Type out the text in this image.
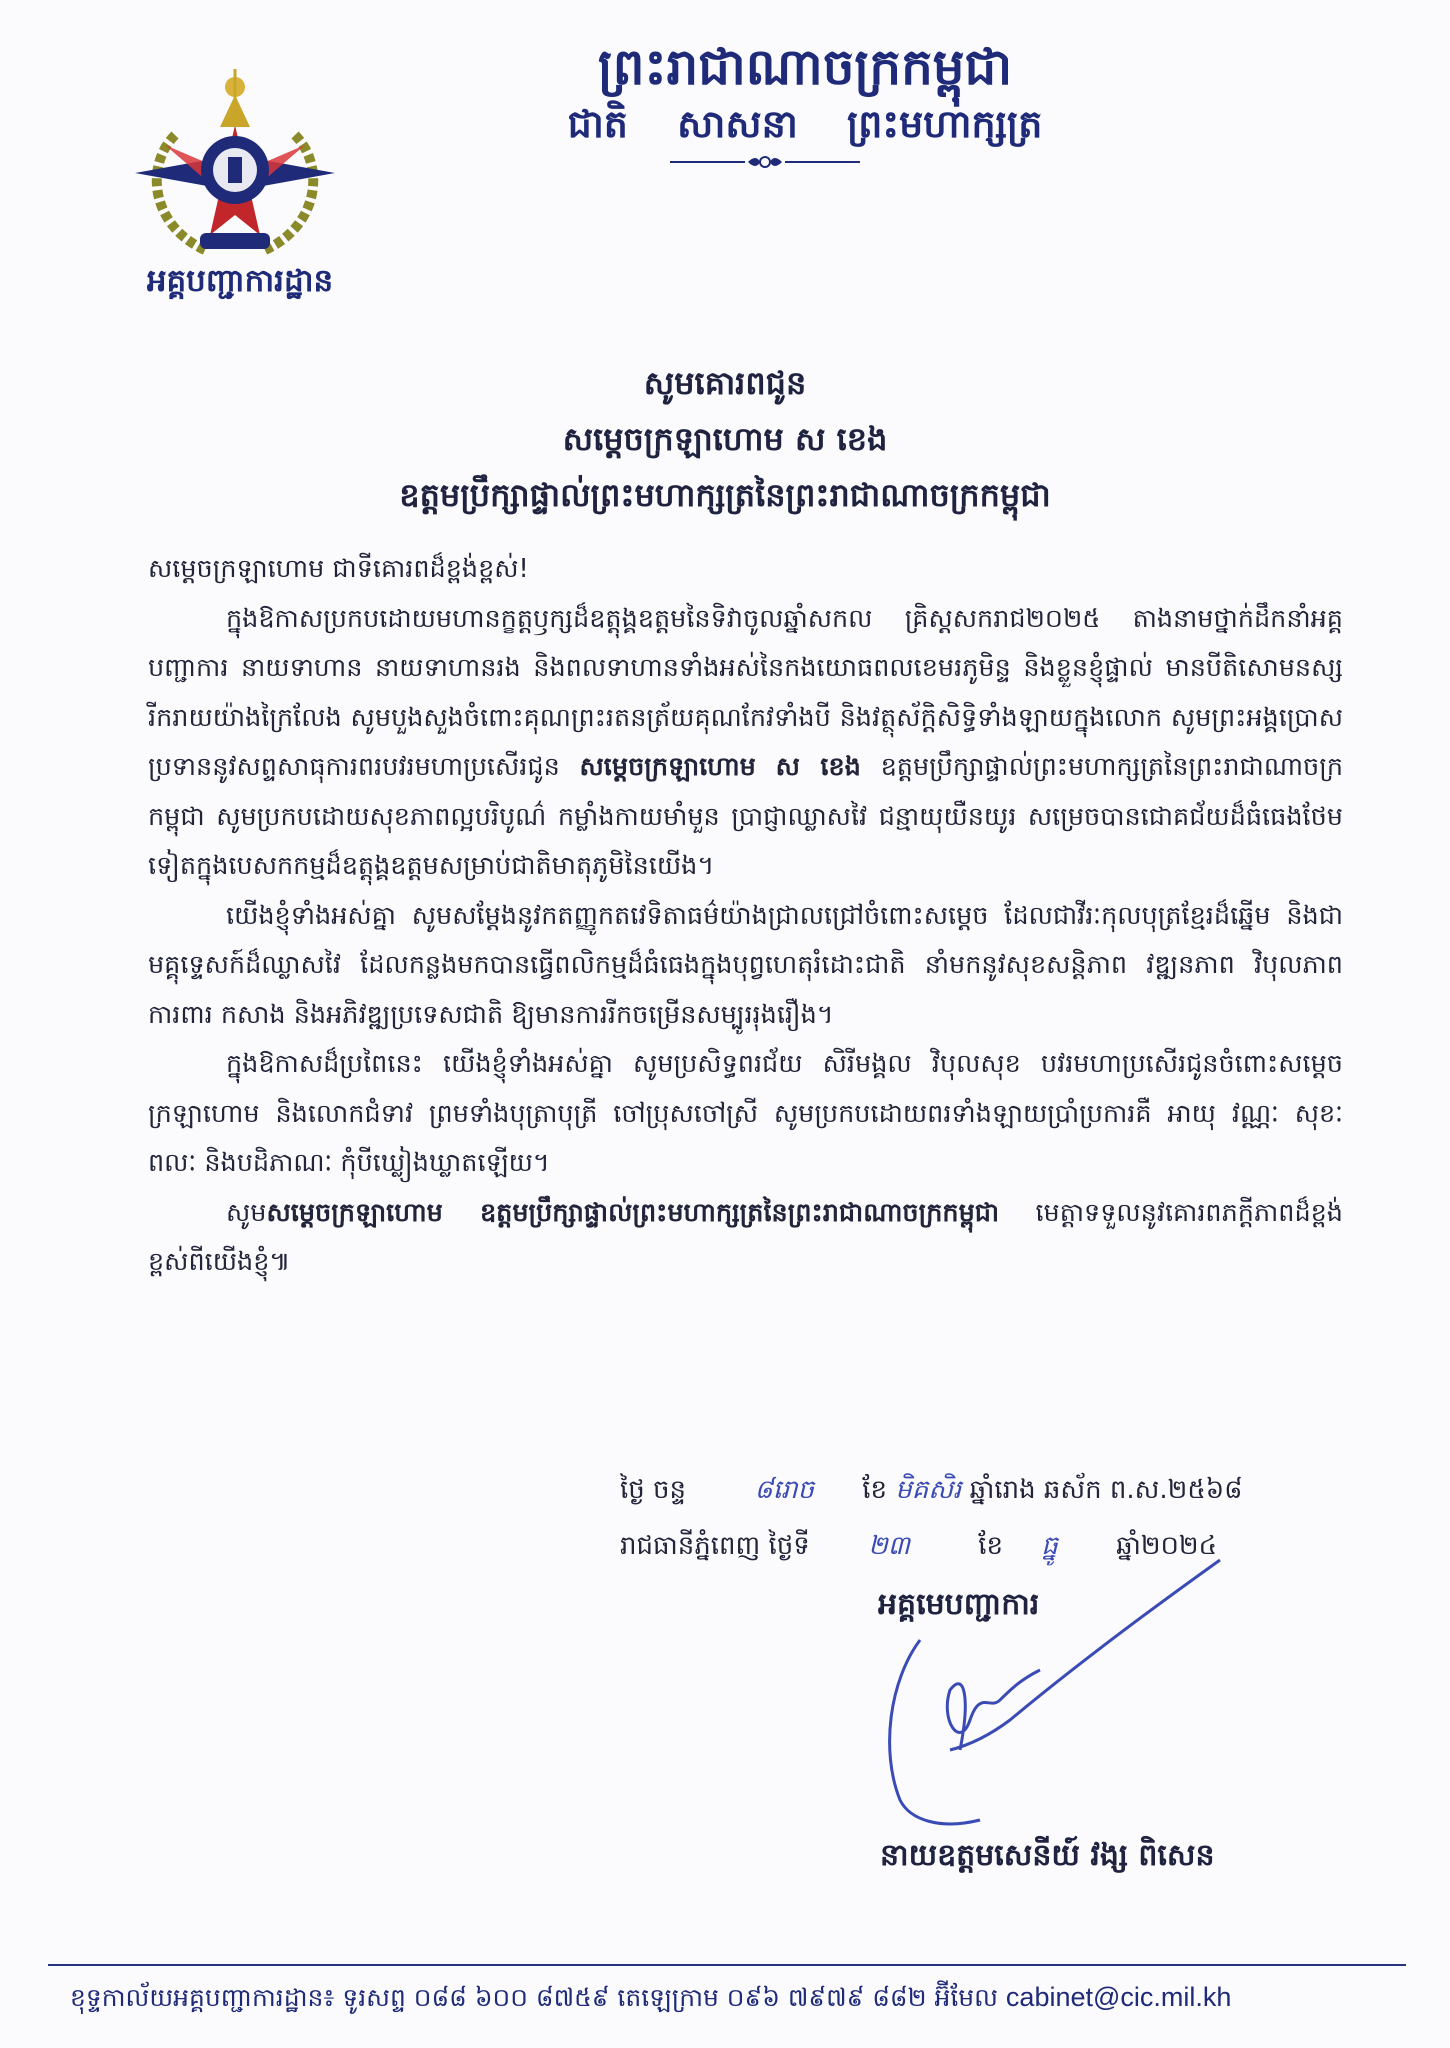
អគ្គបញ្ជាការដ្ឋាន
ព្រះរាជាណាចក្រកម្ពុជា
ជាតិ សាសនា ព្រះមហាក្សត្រ
សូមគោរពជូន
សម្តេចក្រឡាហោម ស ខេង
ឧត្តមប្រឹក្សាផ្ទាល់ព្រះមហាក្សត្រនៃព្រះរាជាណាចក្រកម្ពុជា

សម្តេចក្រឡាហោម ជាទីគោរពដ៏ខ្ពង់ខ្ពស់!

ក្នុងឱកាសប្រកបដោយមហានក្ខត្តឫក្សដ៏ឧត្តុង្គឧត្តមនៃទិវាចូលឆ្នាំសកល គ្រិស្តសករាជ២០២៥ តាងនាមថ្នាក់ដឹកនាំអគ្គបញ្ជាការ នាយទាហាន នាយទាហានរង និងពលទាហានទាំងអស់នៃកងយោធពលខេមរភូមិន្ទ និងខ្លួនខ្ញុំផ្ទាល់ មានបីតិសោមនស្សរីករាយយ៉ាងក្រៃលែង សូមបួងសួងចំពោះគុណព្រះរតនត្រ័យគុណកែវទាំងបី និងវត្ថុស័ក្តិសិទ្ធិទាំងឡាយក្នុងលោក សូមព្រះអង្គប្រោសប្រទាននូវសព្ទសាធុការពរបវរមហាប្រសើរជូន សម្តេចក្រឡាហោម ស ខេង ឧត្តមប្រឹក្សាផ្ទាល់ព្រះមហាក្សត្រនៃព្រះរាជាណាចក្រកម្ពុជា សូមប្រកបដោយសុខភាពល្អបរិបូណ៌ កម្លាំងកាយមាំមួន ប្រាជ្ញាឈ្លាសវៃ ជន្មាយុយឺនយូរ សម្រេចបានជោគជ័យដ៏ធំធេងថែមទៀតក្នុងបេសកកម្មដ៏ឧត្តុង្គឧត្តមសម្រាប់ជាតិមាតុភូមិនៃយើង។

យើងខ្ញុំទាំងអស់គ្នា សូមសម្តែងនូវកតញ្ញូកតវេទិតាធម៌យ៉ាងជ្រាលជ្រៅចំពោះសម្តេច ដែលជាវីរៈកុលបុត្រខ្មែរដ៏ឆ្នើម និងជាមគ្គុទ្ទេសក៍ដ៏ឈ្លាសវៃ ដែលកន្លងមកបានធ្វើពលិកម្មដ៏ធំធេងក្នុងបុព្វហេតុរំដោះជាតិ នាំមកនូវសុខសន្តិភាព វឌ្ឍនភាព វិបុលភាព ការពារ កសាង និងអភិវឌ្ឍប្រទេសជាតិ ឱ្យមានការរីកចម្រើនសម្បូររុងរឿង។

ក្នុងឱកាសដ៏ប្រពៃនេះ យើងខ្ញុំទាំងអស់គ្នា សូមប្រសិទ្ធពរជ័យ សិរីមង្គល វិបុលសុខ បវរមហាប្រសើរជូនចំពោះសម្តេចក្រឡាហោម និងលោកជំទាវ ព្រមទាំងបុត្រាបុត្រី ចៅប្រុសចៅស្រី សូមប្រកបដោយពរទាំងឡាយប្រាំប្រការគឺ អាយុ វណ្ណៈ សុខៈ ពលៈ និងបដិភាណៈ កុំបីឃ្លៀងឃ្លាតឡើយ។

សូមសម្តេចក្រឡាហោម ឧត្តមប្រឹក្សាផ្ទាល់ព្រះមហាក្សត្រនៃព្រះរាជាណាចក្រកម្ពុជា មេត្តាទទួលនូវគោរពភក្តីភាពដ៏ខ្ពង់ខ្ពស់ពីយើងខ្ញុំ៕

ថ្ងៃ ចន្ទ	៨រោច ខែ មិគសិរ ឆ្នាំរោង ឆស័ក ព.ស.២៥៦៨
រាជធានីភ្នំពេញ ថ្ងៃទី ២៣	ខែ ធ្នូ ឆ្នាំ២០២៤
អគ្គមេបញ្ជាការ
នាយឧត្តមសេនីយ៍ វង្ស ពិសេន
ខុទ្ទកាល័យអគ្គបញ្ជាការដ្ឋាន៖ ទូរសព្ទ ០៨៨ ៦០០ ៨៧៥៩ តេឡេក្រាម ០៩៦ ៧៩៧៩ ៨៨២ អ៊ីមែល cabinet@cic.mil.kh
